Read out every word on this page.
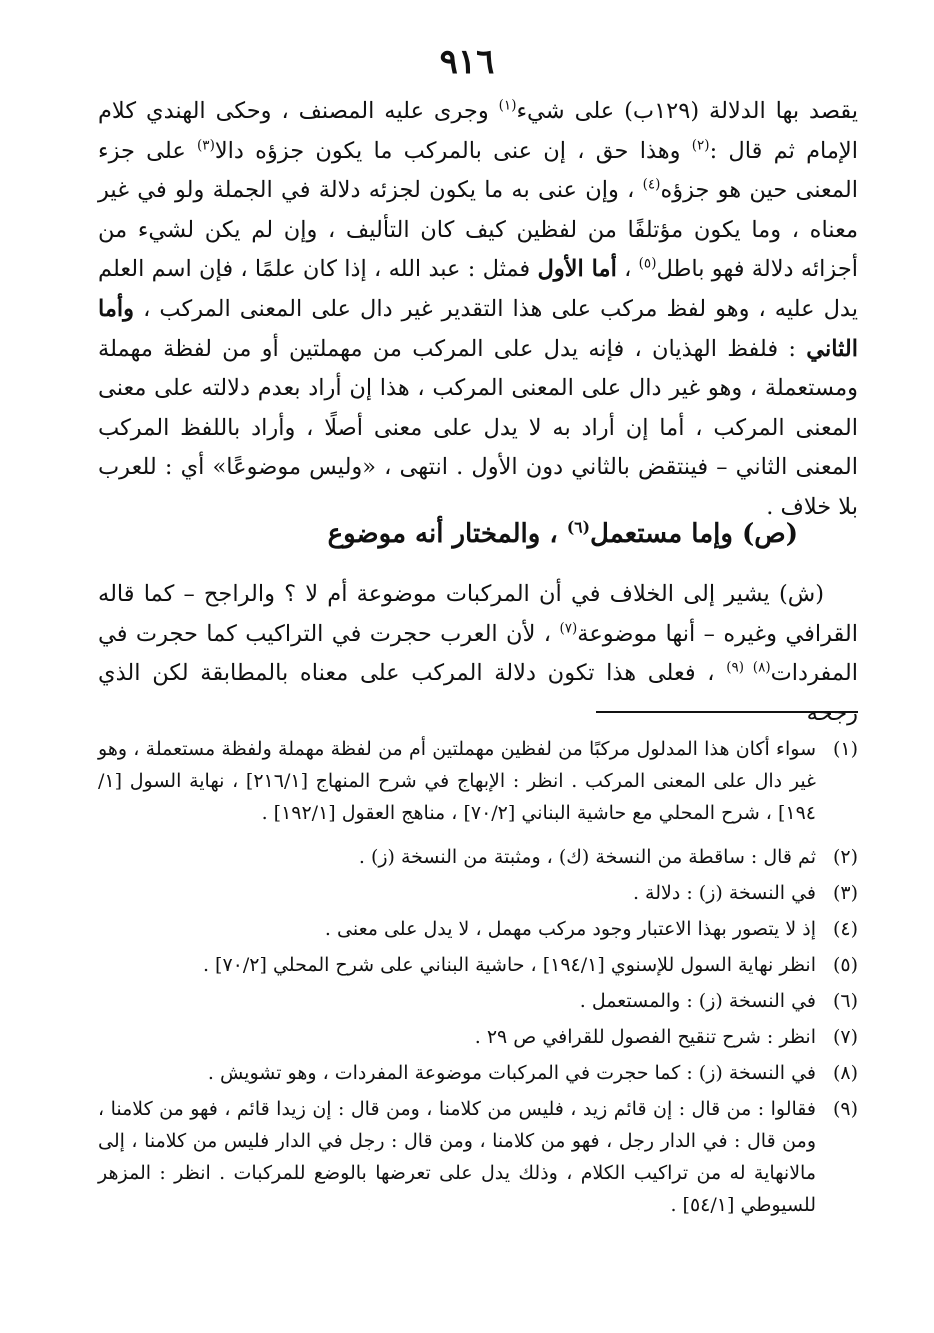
٩١٦

يقصد بها الدلالة (١٢٩ب) على شيء$^{(١)}$ وجرى عليه المصنف ، وحكى الهندي كلام الإمام ثم قال :$^{(٢)}$ وهذا حق ، إن عنى بالمركب ما يكون جزؤه دالا$^{(٣)}$ على جزء المعنى حين هو جزؤه$^{(٤)}$ ، وإن عنى به ما يكون لجزئه دلالة في الجملة ولو في غير معناه ، وما يكون مؤتلفًا من لفظين كيف كان التأليف ، وإن لم يكن لشيء من أجزائه دلالة فهو باطل$^{(٥)}$ ، أما الأول فمثل : عبد الله ، إذا كان علمًا ، فإن اسم العلم يدل عليه ، وهو لفظ مركب على هذا التقدير غير دال على المعنى المركب ، وأما الثاني : فلفظ الهذيان ، فإنه يدل على المركب من مهملتين أو من لفظة مهملة ومستعملة ، وهو غير دال على المعنى المركب ، هذا إن أراد بعدم دلالته على معنى المعنى المركب ، أما إن أراد به لا يدل على معنى أصلًا ، وأراد باللفظ المركب المعنى الثاني – فينتقض بالثاني دون الأول . انتهى ، «وليس موضوعًا» أي : للعرب بلا خلاف .

(ص) وإما مستعمل$^{(٦)}$ ، والمختار أنه موضوع

(ش) يشير إلى الخلاف في أن المركبات موضوعة أم لا ؟ والراجح – كما قاله القرافي وغيره – أنها موضوعة$^{(٧)}$ ، لأن العرب حجرت في التراكيب كما حجرت في المفردات$^{(٨) (٩)}$ ، فعلى هذا تكون دلالة المركب على معناه بالمطابقة لكن الذي رجحه

(١)
سواء أكان هذا المدلول مركبًا من لفظين مهملتين أم من لفظة مهملة ولفظة مستعملة ، وهو غير دال على المعنى المركب . انظر : الإبهاج في شرح المنهاج [٢١٦/١] ، نهاية السول [١/ ١٩٤] ، شرح المحلي مع حاشية البناني [٧٠/٢] ، مناهج العقول [١٩٢/١] .
(٢)
ثم قال : ساقطة من النسخة (ك) ، ومثبتة من النسخة (ز) .
(٣)
في النسخة (ز) : دلالة .
(٤)
إذ لا يتصور بهذا الاعتبار وجود مركب مهمل ، لا يدل على معنى .
(٥)
انظر نهاية السول للإسنوي [١٩٤/١] ، حاشية البناني على شرح المحلي [٧٠/٢] .
(٦)
في النسخة (ز) : والمستعمل .
(٧)
انظر : شرح تنقيح الفصول للقرافي ص ٢٩ .
(٨)
في النسخة (ز) : كما حجرت في المركبات موضوعة المفردات ، وهو تشويش .
(٩)
فقالوا : من قال : إن قائم زيد ، فليس من كلامنا ، ومن قال : إن زيدا قائم ، فهو من كلامنا ، ومن قال : في الدار رجل ، فهو من كلامنا ، ومن قال : رجل في الدار فليس من كلامنا ، إلى مالانهاية له من تراكيب الكلام ، وذلك يدل على تعرضها بالوضع للمركبات . انظر : المزهر للسيوطي [٥٤/١] .
